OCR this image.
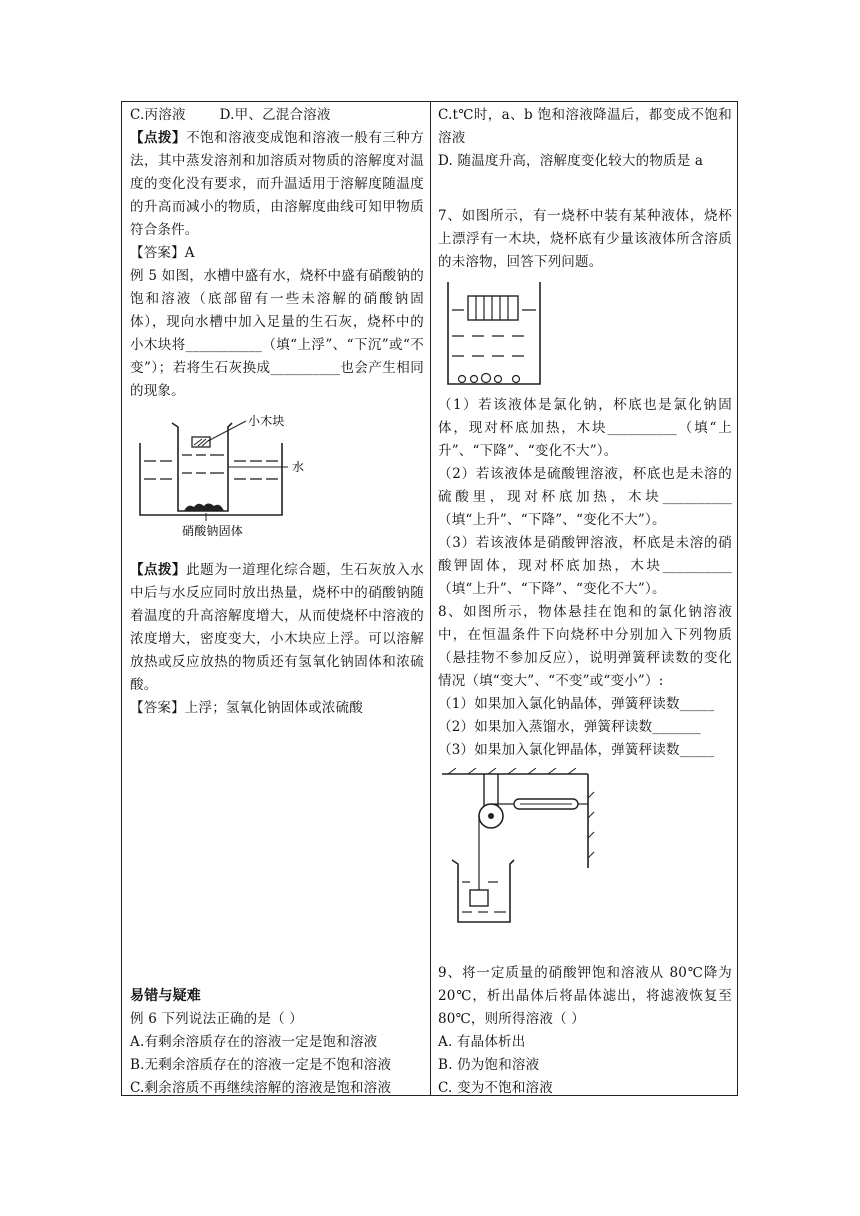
C.丙溶液	D.甲、乙混合溶液

【点拨】不饱和溶液变成饱和溶液一般有三种方法，其中蒸发溶剂和加溶质对物质的溶解度对温度的变化没有要求，而升温适用于溶解度随温度的升高而减小的物质，由溶解度曲线可知甲物质符合条件。

【答案】A

例 5 如图，水槽中盛有水，烧杯中盛有硝酸钠的饱和溶液（底部留有一些未溶解的硝酸钠固体），现向水槽中加入足量的生石灰，烧杯中的小木块将___________（填“上浮”、“下沉”或“不变”）；若将生石灰换成__________也会产生相同的现象。

小木块
水
硝酸钠固体

【点拨】此题为一道理化综合题，生石灰放入水中后与水反应同时放出热量，烧杯中的硝酸钠随着温度的升高溶解度增大，从而使烧杯中溶液的浓度增大，密度变大，小木块应上浮。可以溶解放热或反应放热的物质还有氢氧化钠固体和浓硫酸。

【答案】上浮；氢氧化钠固体或浓硫酸

易错与疑难

例 6 下列说法正确的是（ ）

A.有剩余溶质存在的溶液一定是饱和溶液

B.无剩余溶质存在的溶液一定是不饱和溶液

C.剩余溶质不再继续溶解的溶液是饱和溶液

C.t℃时，a、b 饱和溶液降温后，都变成不饱和溶液

D. 随温度升高，溶解度变化较大的物质是 a

7、如图所示，有一烧杯中装有某种液体，烧杯上漂浮有一木块，烧杯底有少量该液体所含溶质的未溶物，回答下列问题。

（1）若该液体是氯化钠，杯底也是氯化钠固体，现对杯底加热，木块__________（填“上升”、“下降”、“变化不大”）。

（2）若该液体是硫酸锂溶液，杯底也是未溶的硫酸里，现对杯底加热，木块__________（填“上升”、“下降”、“变化不大”）。

（3）若该液体是硝酸钾溶液，杯底是未溶的硝酸钾固体，现对杯底加热，木块__________（填“上升”、“下降”、“变化不大”）。

8、如图所示，物体悬挂在饱和的氯化钠溶液中，在恒温条件下向烧杯中分别加入下列物质（悬挂物不参加反应），说明弹簧秤读数的变化情况（填“变大”、“不变”或“变小”）:

（1）如果加入氯化钠晶体，弹簧秤读数_____

（2）如果加入蒸馏水，弹簧秤读数_______

（3）如果加入氯化钾晶体，弹簧秤读数_____

9、将一定质量的硝酸钾饱和溶液从 80℃降为 20℃，析出晶体后将晶体滤出，将滤液恢复至 80℃，则所得溶液（ ）

A. 有晶体析出

B. 仍为饱和溶液

C. 变为不饱和溶液
